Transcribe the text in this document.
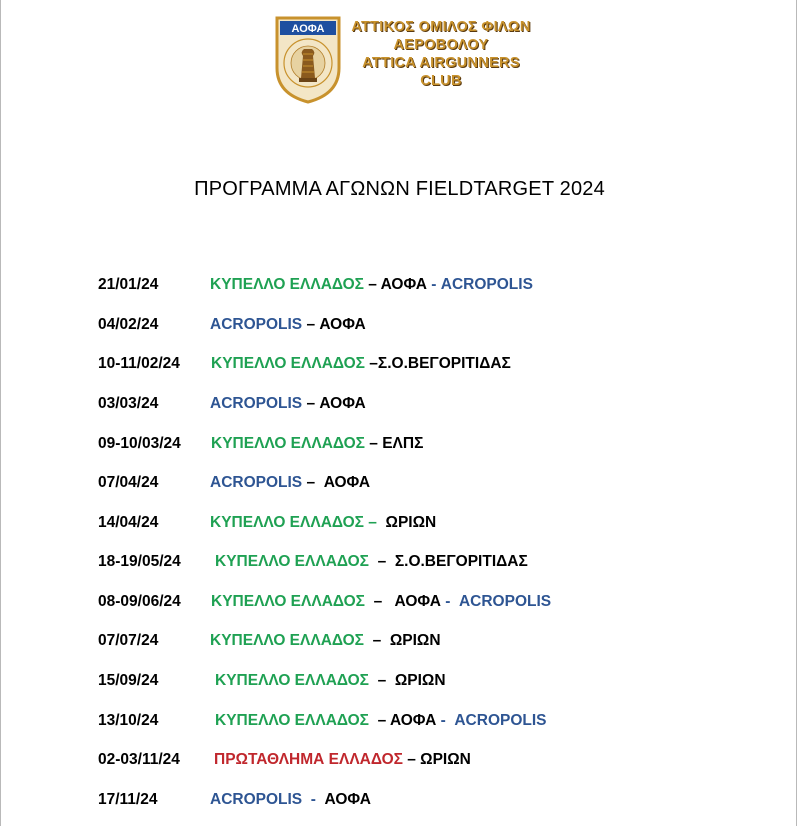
ΑΟΦΑ	ΑΤΤΙΚΟΣ ΟΜΙΛΟΣ ΦΙΛΩΝ
ΑΕΡΟΒΟΛΟΥ
ATTICA AIRGUNNERS
CLUB
ΠΡΟΓΡΑΜΜΑ ΑΓΩΝΩΝ FIELDTARGET 2024
21/01/24	ΚΥΠΕΛΛΟ ΕΛΛΑΔΟΣ – ΑΟΦΑ - ACROPOLIS
04/02/24	ACROPOLIS – ΑΟΦΑ
10-11/02/24 ΚΥΠΕΛΛΟ ΕΛΛΑΔΟΣ –Σ.Ο.ΒΕΓΟΡΙΤΙΔΑΣ
03/03/24	ACROPOLIS – ΑΟΦΑ
09-10/03/24 ΚΥΠΕΛΛΟ ΕΛΛΑΔΟΣ – ΕΛΠΣ
07/04/24	ACROPOLIS –  ΑΟΦΑ
14/04/24	ΚΥΠΕΛΛΟ ΕΛΛΑΔΟΣ –  ΩΡΙΩΝ
18-19/05/24 ΚΥΠΕΛΛΟ ΕΛΛΑΔΟΣ  –  Σ.Ο.ΒΕΓΟΡΙΤΙΔΑΣ
08-09/06/24 ΚΥΠΕΛΛΟ ΕΛΛΑΔΟΣ  –   ΑΟΦΑ -  ACROPOLIS
07/07/24	ΚΥΠΕΛΛΟ ΕΛΛΑΔΟΣ  –  ΩΡΙΩΝ
15/09/24	ΚΥΠΕΛΛΟ ΕΛΛΑΔΟΣ  –  ΩΡΙΩΝ
13/10/24	ΚΥΠΕΛΛΟ ΕΛΛΑΔΟΣ  – ΑΟΦΑ -  ACROPOLIS
02-03/11/24 ΠΡΩΤΑΘΛΗΜΑ ΕΛΛΑΔΟΣ – ΩΡΙΩΝ
17/11/24	ACROPOLIS  -  ΑΟΦΑ
